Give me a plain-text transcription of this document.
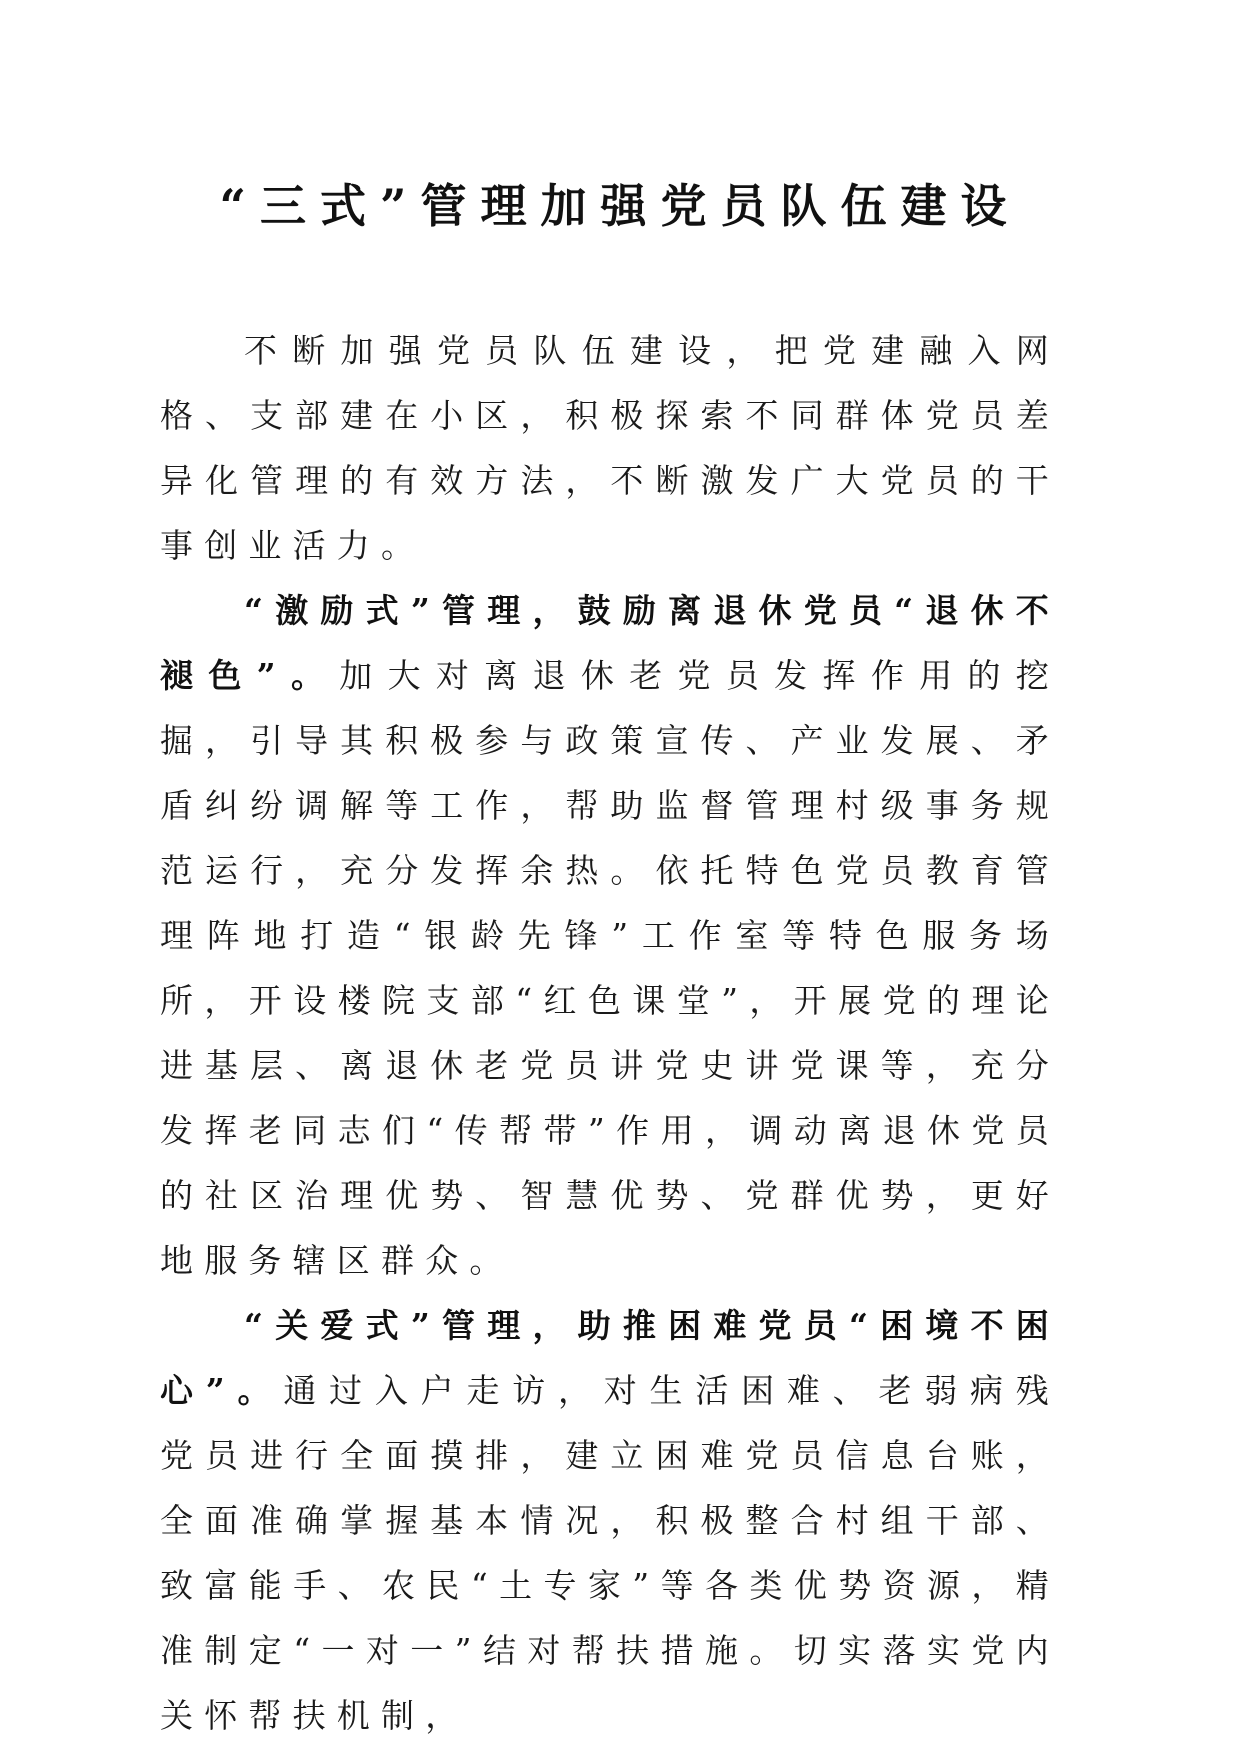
“三式”管理加强党员队伍建设

不断加强党员队伍建设，把党建融入网格、支部建在小区，积极探索不同群体党员差异化管理的有效方法，不断激发广大党员的干事创业活力。

“激励式”管理，鼓励离退休党员“退休不褪色”。加大对离退休老党员发挥作用的挖掘，引导其积极参与政策宣传、产业发展、矛盾纠纷调解等工作，帮助监督管理村级事务规范运行，充分发挥余热。依托特色党员教育管理阵地打造“银龄先锋”工作室等特色服务场所，开设楼院支部“红色课堂”，开展党的理论进基层、离退休老党员讲党史讲党课等，充分发挥老同志们“传帮带”作用，调动离退休党员的社区治理优势、智慧优势、党群优势，更好地服务辖区群众。

“关爱式”管理，助推困难党员“困境不困心”。通过入户走访，对生活困难、老弱病残党员进行全面摸排，建立困难党员信息台账，全面准确掌握基本情况，积极整合村组干部、致富能手、农民“土专家”等各类优势资源，精准制定“一对一”结对帮扶措施。切实落实党内关怀帮扶机制，
